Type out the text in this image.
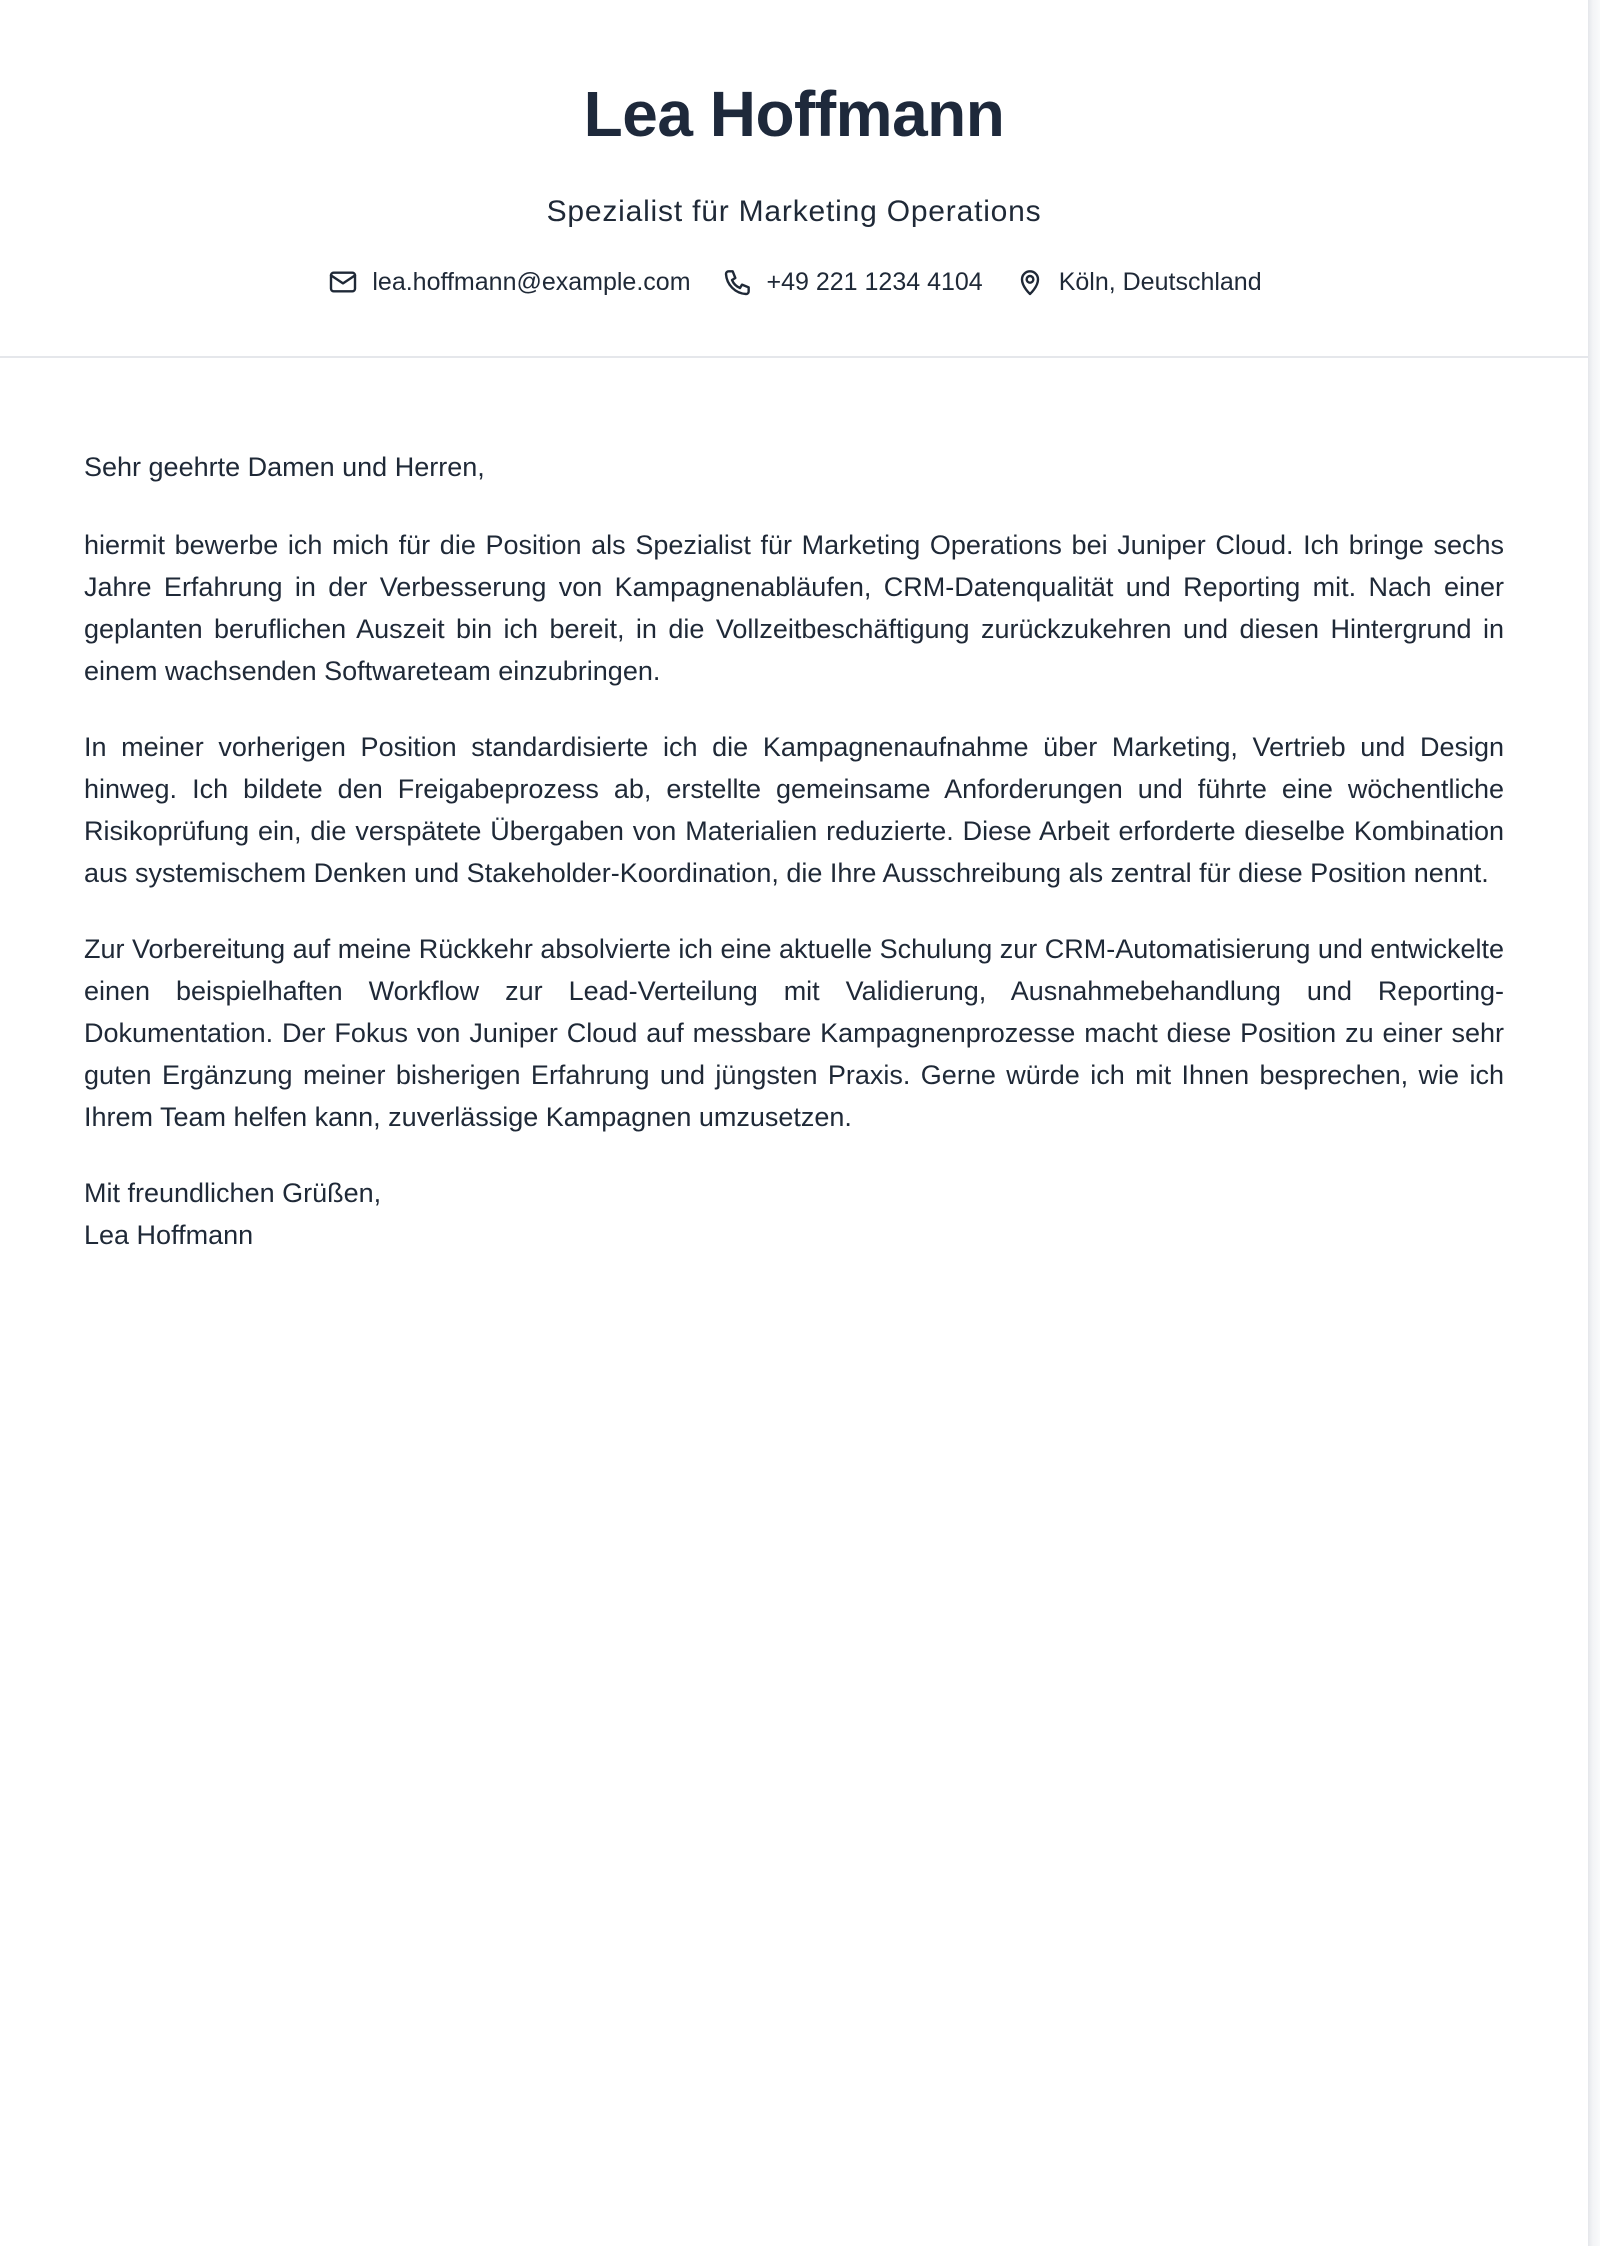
Lea Hoffmann
Spezialist für Marketing Operations
lea.hoffmann@example.com	+49 221 1234 4104	Köln, Deutschland

Sehr geehrte Damen und Herren,

hiermit bewerbe ich mich für die Position als Spezialist für Marketing Operations bei Juniper Cloud. Ich bringe sechs Jahre Erfahrung in der Verbesserung von Kampagnenabläufen, CRM-Datenqualität und Reporting mit. Nach einer geplanten beruflichen Auszeit bin ich bereit, in die Vollzeitbeschäftigung zurückzukehren und diesen Hintergrund in einem wachsenden Softwareteam einzubringen.

In meiner vorherigen Position standardisierte ich die Kampagnenaufnahme über Marketing, Vertrieb und Design hinweg. Ich bildete den Freigabeprozess ab, erstellte gemeinsame Anforderungen und führte eine wöchentliche Risikoprüfung ein, die verspätete Übergaben von Materialien reduzierte. Diese Arbeit erforderte dieselbe Kombination aus systemischem Denken und Stakeholder-Koordination, die Ihre Ausschreibung als zentral für diese Position nennt.

Zur Vorbereitung auf meine Rückkehr absolvierte ich eine aktuelle Schulung zur CRM-Automatisierung und entwickelte einen beispielhaften Workflow zur Lead-Verteilung mit Validierung, Ausnahmebehandlung und Reporting-Dokumentation. Der Fokus von Juniper Cloud auf messbare Kampagnenprozesse macht diese Position zu einer sehr guten Ergänzung meiner bisherigen Erfahrung und jüngsten Praxis. Gerne würde ich mit Ihnen besprechen, wie ich Ihrem Team helfen kann, zuverlässige Kampagnen umzusetzen.

Mit freundlichen Grüßen,
Lea Hoffmann
